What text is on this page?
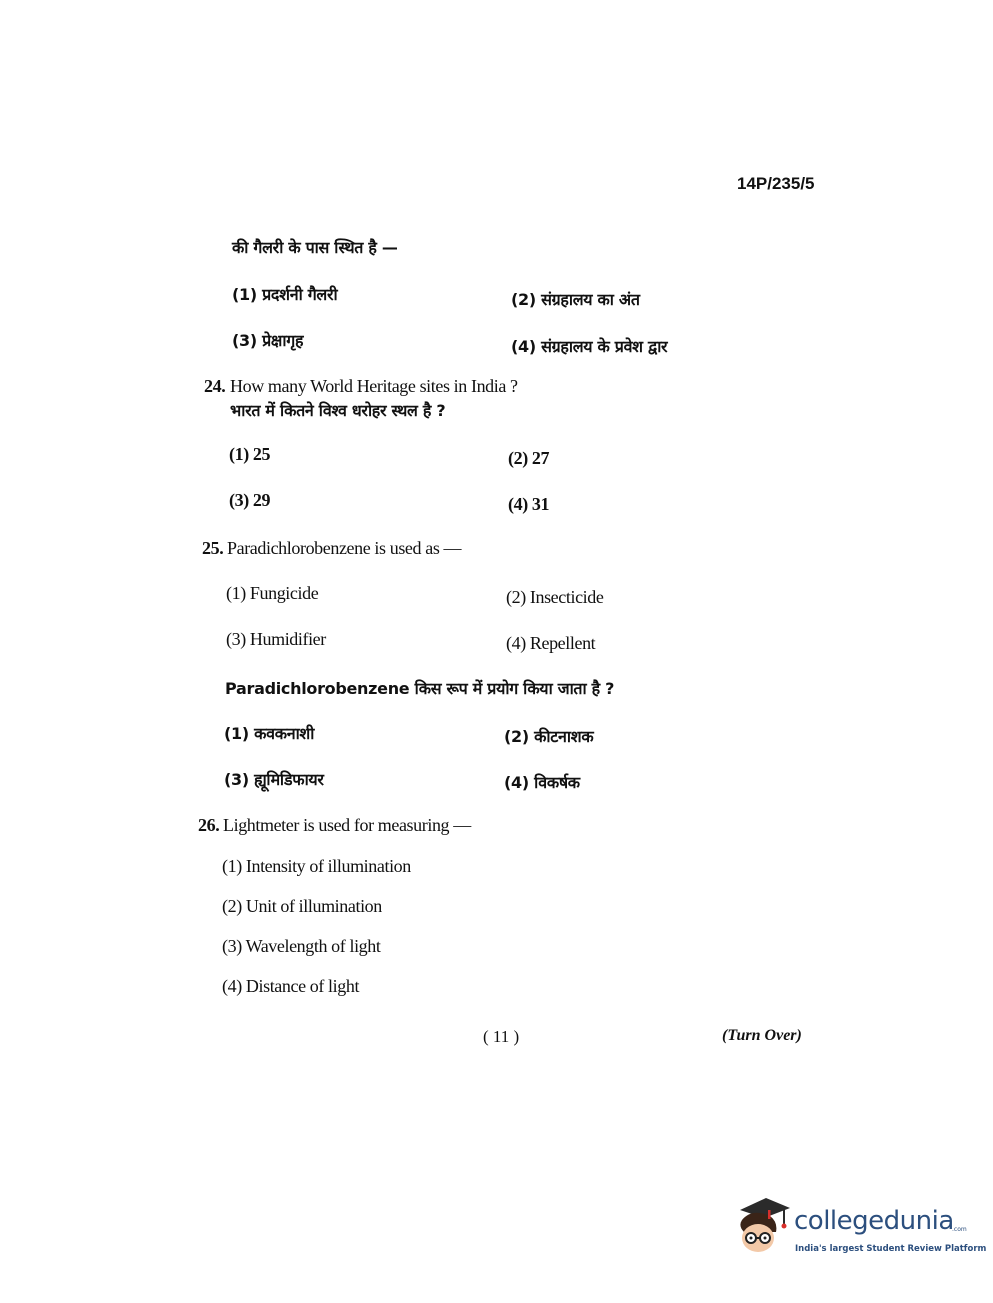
14P/235/5
की गैलरी के पास स्थित है —
(1) प्रदर्शनी गैलरी	(2) संग्रहालय का अंत
(3) प्रेक्षागृह	(4) संग्रहालय के प्रवेश द्वार
24. How many World Heritage sites in India ?
भारत में कितने विश्व धरोहर स्थल है ?
(1) 25	(2) 27
(3) 29	(4) 31
25. Paradichlorobenzene is used as —
(1) Fungicide	(2) Insecticide
(3) Humidifier	(4) Repellent
Paradichlorobenzene किस रूप में प्रयोग किया जाता है ?
(1) कवकनाशी	(2) कीटनाशक
(3) ह्यूमिडिफायर	(4) विकर्षक
26. Lightmeter is used for measuring —
(1) Intensity of illumination
(2) Unit of illumination
(3) Wavelength of light
(4) Distance of light
( 11 )	(Turn Over)
collegedunia
.com
India's largest Student Review Platform
